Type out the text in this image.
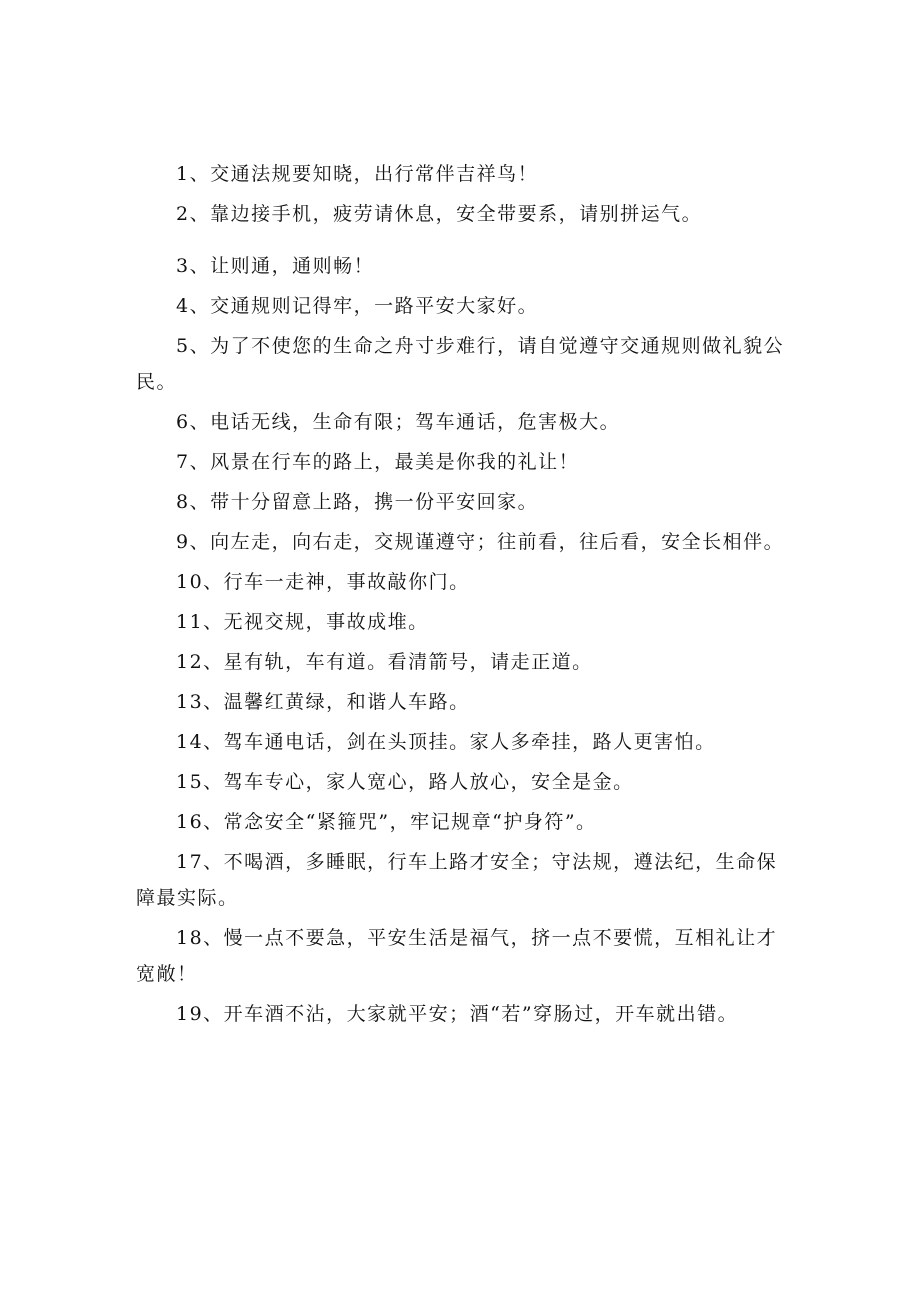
1、交通法规要知晓，出行常伴吉祥鸟！

2、靠边接手机，疲劳请休息，安全带要系，请别拼运气。

3、让则通，通则畅！

4、交通规则记得牢，一路平安大家好。

5、为了不使您的生命之舟寸步难行，请自觉遵守交通规则做礼貌公民。

6、电话无线，生命有限；驾车通话，危害极大。

7、风景在行车的路上，最美是你我的礼让！

8、带十分留意上路，携一份平安回家。

9、向左走，向右走，交规谨遵守；往前看，往后看，安全长相伴。

10、行车一走神，事故敲你门。

11、无视交规，事故成堆。

12、星有轨，车有道。看清箭号，请走正道。

13、温馨红黄绿，和谐人车路。

14、驾车通电话，剑在头顶挂。家人多牵挂，路人更害怕。

15、驾车专心，家人宽心，路人放心，安全是金。

16、常念安全“紧箍咒”，牢记规章“护身符”。

17、不喝酒，多睡眠，行车上路才安全；守法规，遵法纪，生命保障最实际。

18、慢一点不要急，平安生活是福气，挤一点不要慌，互相礼让才宽敞！

19、开车酒不沾，大家就平安；酒“若”穿肠过，开车就出错。
